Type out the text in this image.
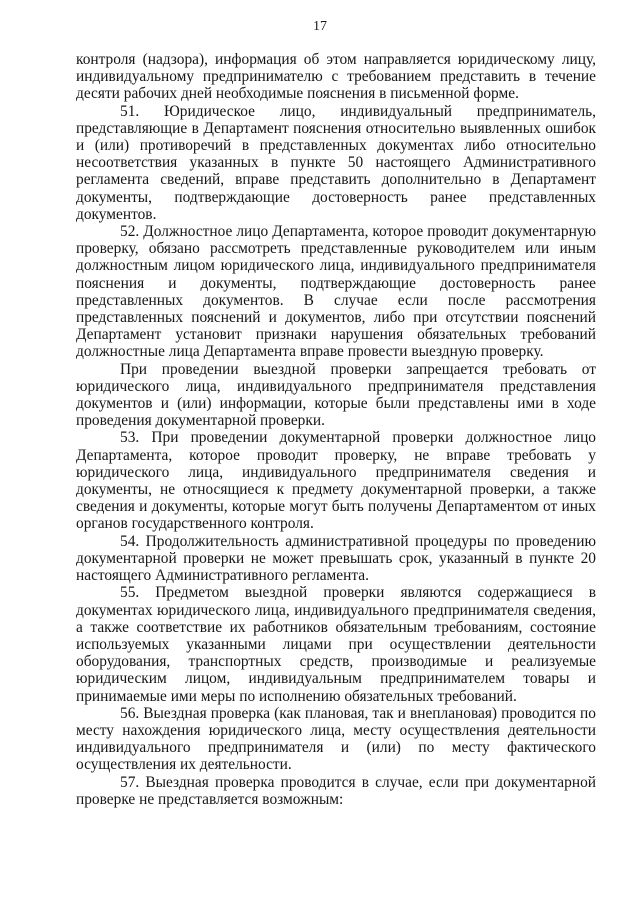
17

контроля (надзора), информация об этом направляется юридическому лицу, индивидуальному предпринимателю с требованием представить в течение десяти рабочих дней необходимые пояснения в письменной форме.

51. Юридическое лицо, индивидуальный предприниматель, представляющие в Департамент пояснения относительно выявленных ошибок и (или) противоречий в представленных документах либо относительно несоответствия указанных в пункте 50 настоящего Административного регламента сведений, вправе представить дополнительно в Департамент документы, подтверждающие достоверность ранее представленных документов.

52. Должностное лицо Департамента, которое проводит документарную проверку, обязано рассмотреть представленные руководителем или иным должностным лицом юридического лица, индивидуального предпринимателя пояснения и документы, подтверждающие достоверность ранее представленных документов. В случае если после рассмотрения представленных пояснений и документов, либо при отсутствии пояснений Департамент установит признаки нарушения обязательных требований должностные лица Департамента вправе провести выездную проверку.

При проведении выездной проверки запрещается требовать от юридического лица, индивидуального предпринимателя представления документов и (или) информации, которые были представлены ими в ходе проведения документарной проверки.

53. При проведении документарной проверки должностное лицо Департамента, которое проводит проверку, не вправе требовать у юридического лица, индивидуального предпринимателя сведения и документы, не относящиеся к предмету документарной проверки, а также сведения и документы, которые могут быть получены Департаментом от иных органов государственного контроля.

54. Продолжительность административной процедуры по проведению документарной проверки не может превышать срок, указанный в пункте 20 настоящего Административного регламента.

55. Предметом выездной проверки являются содержащиеся в документах юридического лица, индивидуального предпринимателя сведения, а также соответствие их работников обязательным требованиям, состояние используемых указанными лицами при осуществлении деятельности оборудования, транспортных средств, производимые и реализуемые юридическим лицом, индивидуальным предпринимателем товары и принимаемые ими меры по исполнению обязательных требований.

56. Выездная проверка (как плановая, так и внеплановая) проводится по месту нахождения юридического лица, месту осуществления деятельности индивидуального предпринимателя и (или) по месту фактического осуществления их деятельности.

57. Выездная проверка проводится в случае, если при документарной проверке не представляется возможным:
